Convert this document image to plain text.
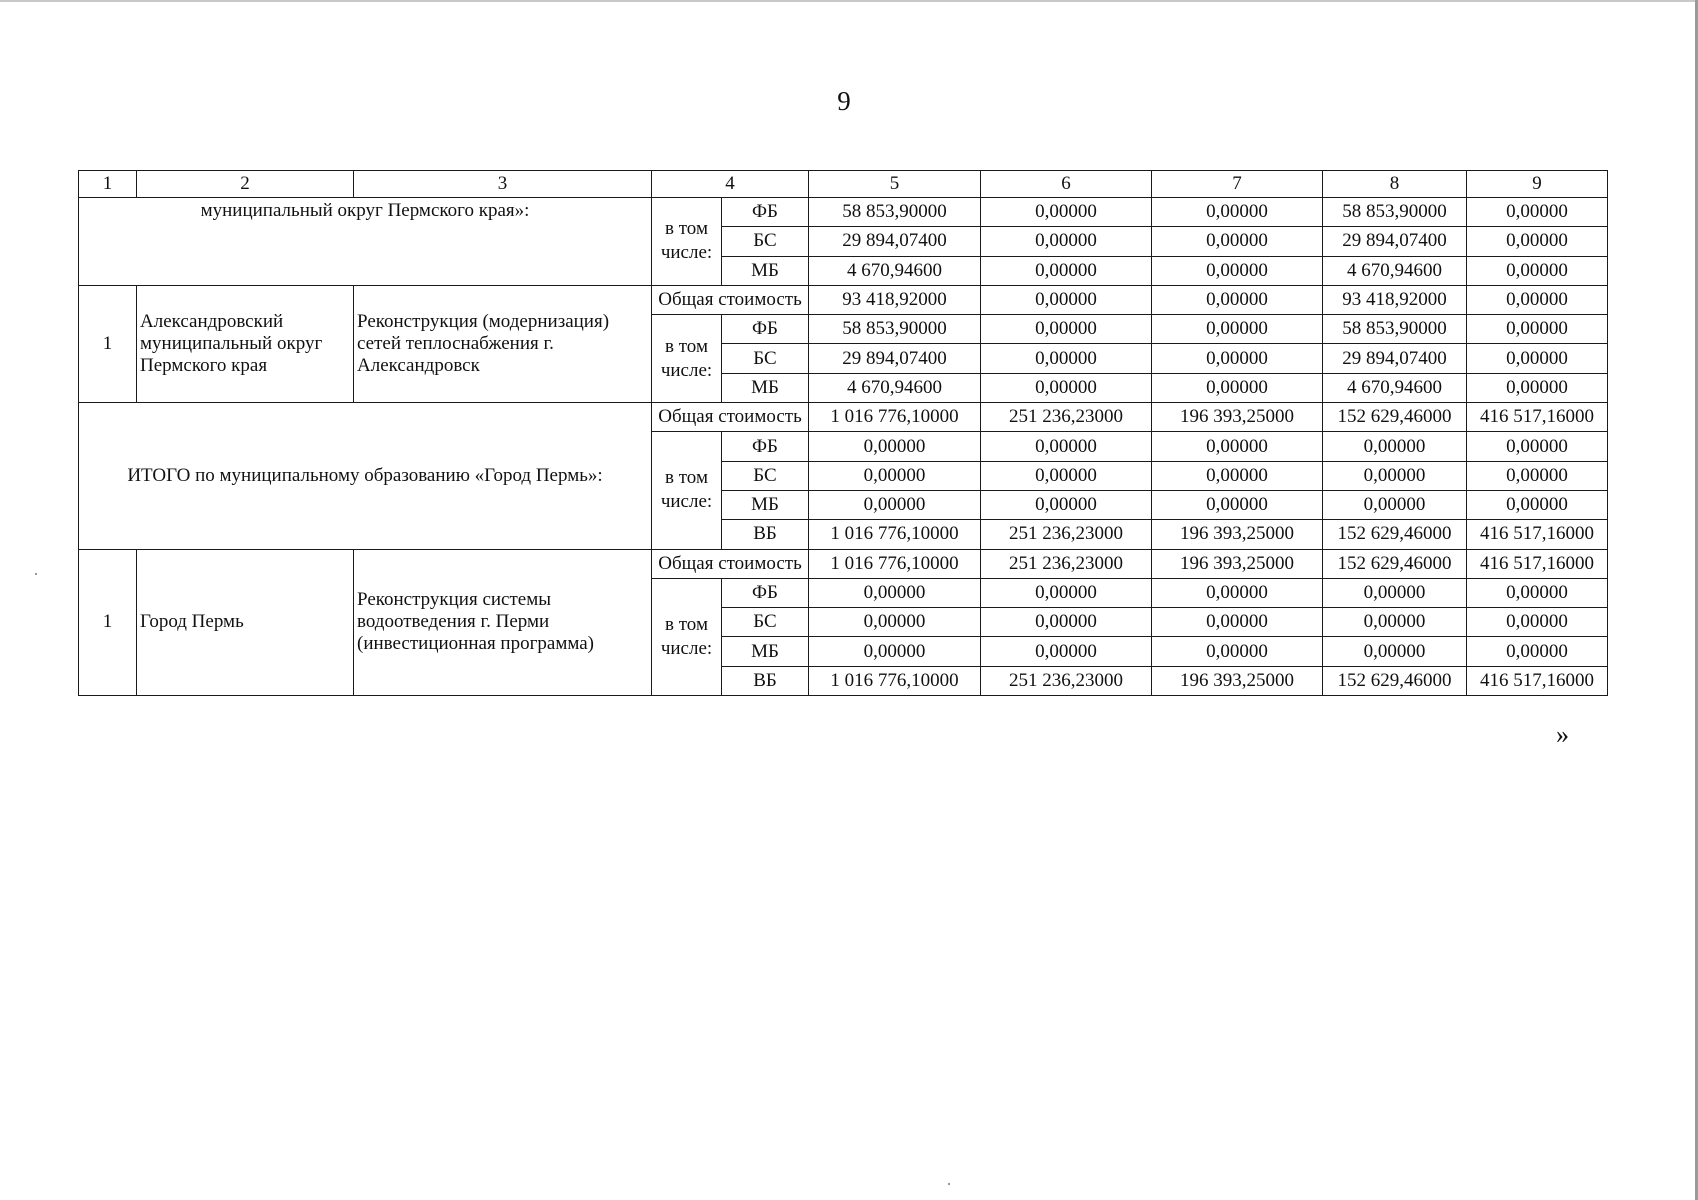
9
1	2	3	4		5	6	7	8	9
муниципальный округ Пермского края»:			в том числе:	ФБ	58 853,90000	0,00000	0,00000	58 853,90000	0,00000
				БС	29 894,07400	0,00000	0,00000	29 894,07400	0,00000
				МБ	4 670,94600	0,00000	0,00000	4 670,94600	0,00000
1	Александровский муниципальный округ Пермского края	Реконструкция (модернизация) сетей теплоснабжения г. Александровск	Общая стоимость		93 418,92000	0,00000	0,00000	93 418,92000	0,00000
			в том числе:	ФБ	58 853,90000	0,00000	0,00000	58 853,90000	0,00000
				БС	29 894,07400	0,00000	0,00000	29 894,07400	0,00000
				МБ	4 670,94600	0,00000	0,00000	4 670,94600	0,00000
ИТОГО по муниципальному образованию «Город Пермь»:			Общая стоимость		1 016 776,10000	251 236,23000	196 393,25000	152 629,46000	416 517,16000
			в том числе:	ФБ	0,00000	0,00000	0,00000	0,00000	0,00000
				БС	0,00000	0,00000	0,00000	0,00000	0,00000
				МБ	0,00000	0,00000	0,00000	0,00000	0,00000
				ВБ	1 016 776,10000	251 236,23000	196 393,25000	152 629,46000	416 517,16000
1	Город Пермь	Реконструкция системы водоотведения г. Перми (инвестиционная программа)	Общая стоимость		1 016 776,10000	251 236,23000	196 393,25000	152 629,46000	416 517,16000
			в том числе:	ФБ	0,00000	0,00000	0,00000	0,00000	0,00000
				БС	0,00000	0,00000	0,00000	0,00000	0,00000
				МБ	0,00000	0,00000	0,00000	0,00000	0,00000
				ВБ	1 016 776,10000	251 236,23000	196 393,25000	152 629,46000	416 517,16000
»
